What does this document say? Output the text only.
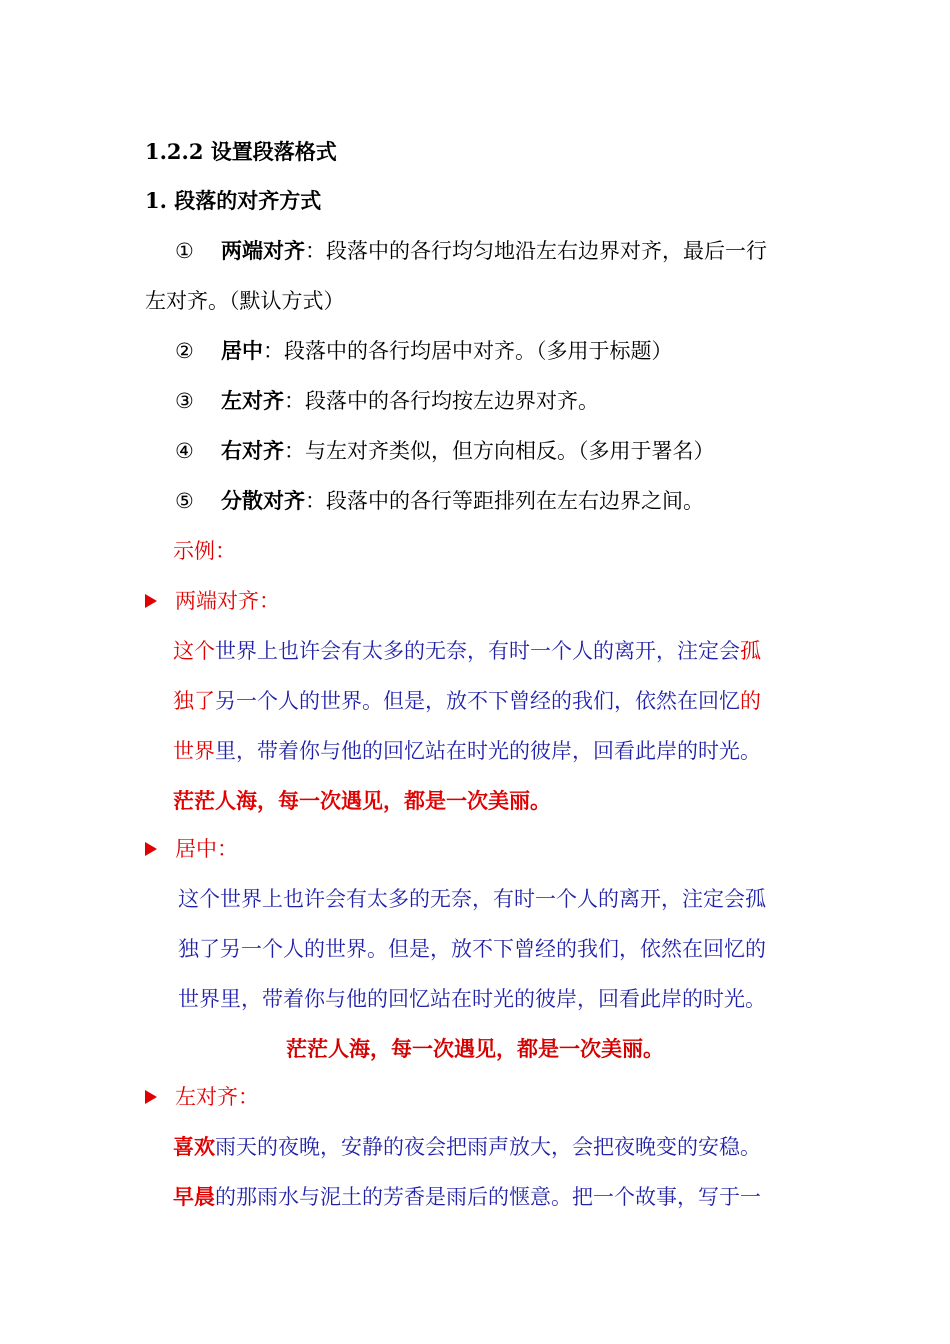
1.2.2 设置段落格式
1. 段落的对齐方式
① 两端对齐：段落中的各行均匀地沿左右边界对齐，最后一行
左对齐。（默认方式）
② 居中：段落中的各行均居中对齐。（多用于标题）
③ 左对齐：段落中的各行均按左边界对齐。
④ 右对齐：与左对齐类似，但方向相反。（多用于署名）
⑤ 分散对齐：段落中的各行等距排列在左右边界之间。
示例：
两端对齐：
这个世界上也许会有太多的无奈，有时一个人的离开，注定会孤
独了另一个人的世界。但是，放不下曾经的我们，依然在回忆的
世界里，带着你与他的回忆站在时光的彼岸，回看此岸的时光。
茫茫人海，每一次遇见，都是一次美丽。
居中：
这个世界上也许会有太多的无奈，有时一个人的离开，注定会孤
独了另一个人的世界。但是，放不下曾经的我们，依然在回忆的
世界里，带着你与他的回忆站在时光的彼岸，回看此岸的时光。
茫茫人海，每一次遇见，都是一次美丽。
左对齐：
喜欢雨天的夜晚，安静的夜会把雨声放大，会把夜晚变的安稳。
早晨的那雨水与泥土的芳香是雨后的惬意。把一个故事，写于一
